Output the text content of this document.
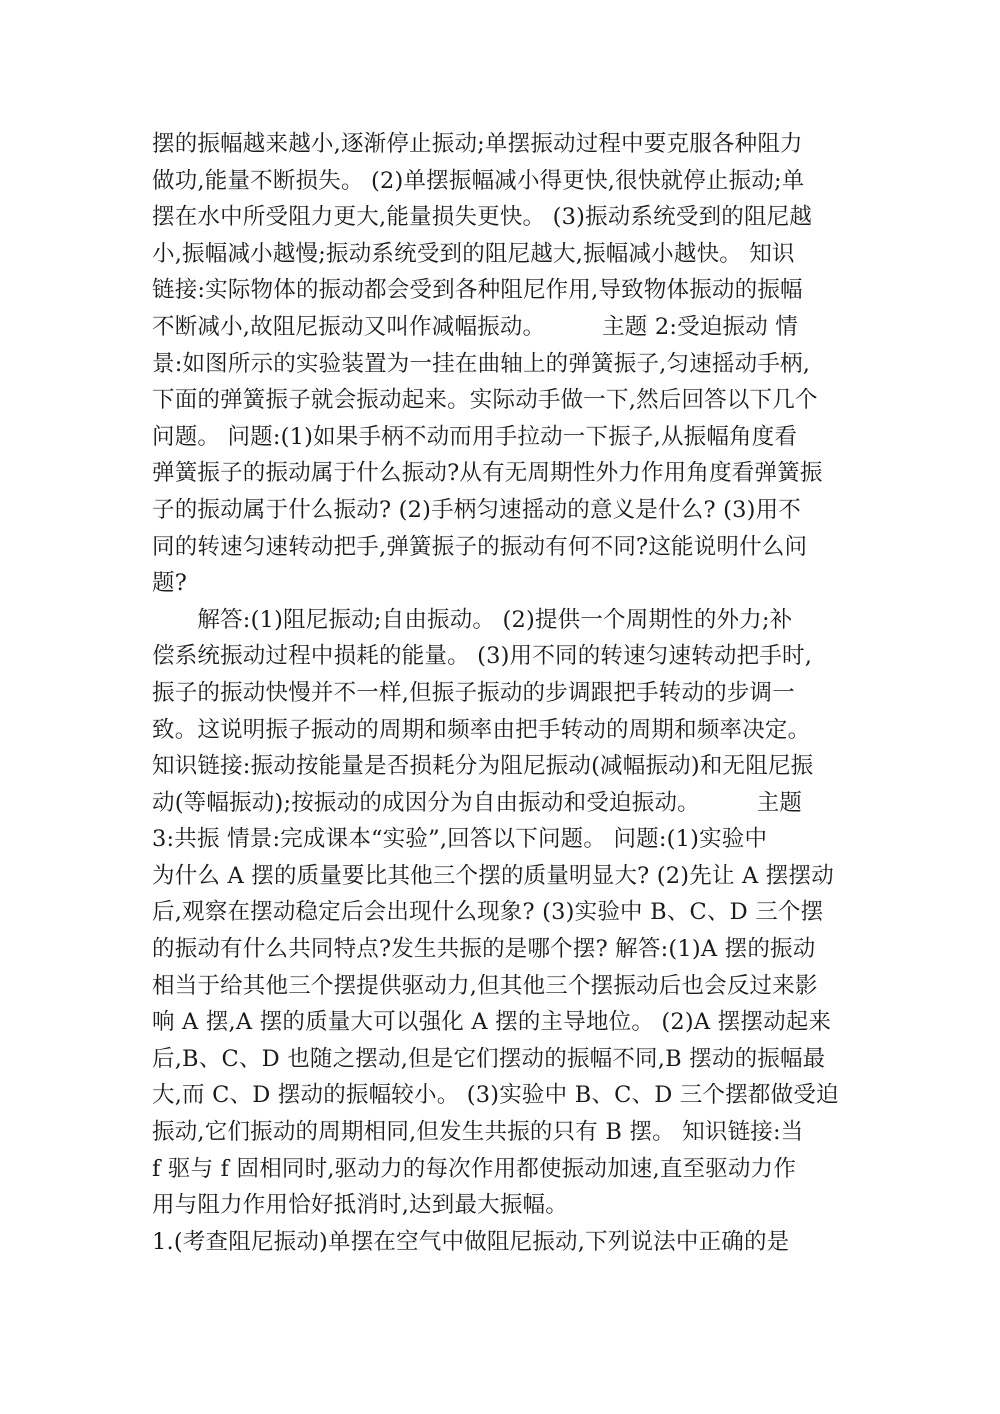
摆的振幅越来越小,逐渐停止振动;单摆振动过程中要克服各种阻力
做功,能量不断损失。 (2)单摆振幅减小得更快,很快就停止振动;单
摆在水中所受阻力更大,能量损失更快。 (3)振动系统受到的阻尼越
小,振幅减小越慢;振动系统受到的阻尼越大,振幅减小越快。 知识
链接:实际物体的振动都会受到各种阻尼作用,导致物体振动的振幅
不断减小,故阻尼振动又叫作减幅振动。　　　主题 2:受迫振动 情
景:如图所示的实验装置为一挂在曲轴上的弹簧振子,匀速摇动手柄,
下面的弹簧振子就会振动起来。实际动手做一下,然后回答以下几个
问题。 问题:(1)如果手柄不动而用手拉动一下振子,从振幅角度看
弹簧振子的振动属于什么振动?从有无周期性外力作用角度看弹簧振
子的振动属于什么振动? (2)手柄匀速摇动的意义是什么? (3)用不
同的转速匀速转动把手,弹簧振子的振动有何不同?这能说明什么问
题?
　　解答:(1)阻尼振动;自由振动。 (2)提供一个周期性的外力;补
偿系统振动过程中损耗的能量。 (3)用不同的转速匀速转动把手时,
振子的振动快慢并不一样,但振子振动的步调跟把手转动的步调一
致。这说明振子振动的周期和频率由把手转动的周期和频率决定。
知识链接:振动按能量是否损耗分为阻尼振动(减幅振动)和无阻尼振
动(等幅振动);按振动的成因分为自由振动和受迫振动。　　　主题
3:共振 情景:完成课本“实验”,回答以下问题。 问题:(1)实验中
为什么 A 摆的质量要比其他三个摆的质量明显大? (2)先让 A 摆摆动
后,观察在摆动稳定后会出现什么现象? (3)实验中 B、C、D 三个摆
的振动有什么共同特点?发生共振的是哪个摆? 解答:(1)A 摆的振动
相当于给其他三个摆提供驱动力,但其他三个摆振动后也会反过来影
响 A 摆,A 摆的质量大可以强化 A 摆的主导地位。 (2)A 摆摆动起来
后,B、C、D 也随之摆动,但是它们摆动的振幅不同,B 摆动的振幅最
大,而 C、D 摆动的振幅较小。 (3)实验中 B、C、D 三个摆都做受迫
振动,它们振动的周期相同,但发生共振的只有 B 摆。 知识链接:当
f 驱与 f 固相同时,驱动力的每次作用都使振动加速,直至驱动力作
用与阻力作用恰好抵消时,达到最大振幅。
1.(考查阻尼振动)单摆在空气中做阻尼振动,下列说法中正确的是
